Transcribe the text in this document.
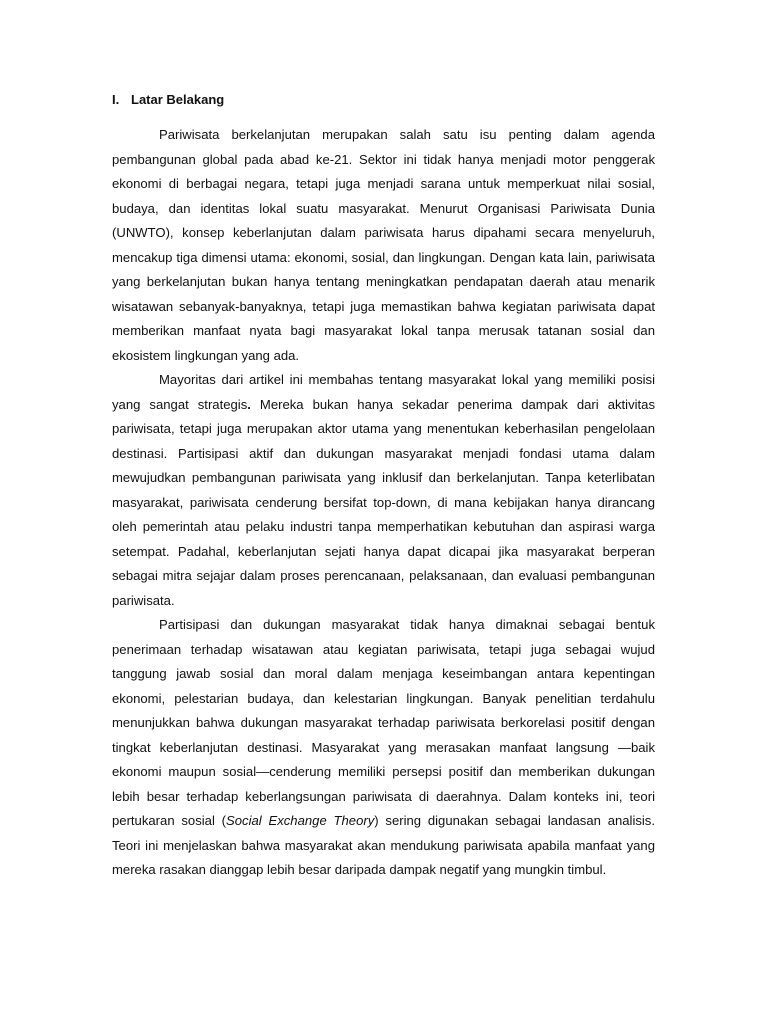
I. Latar Belakang

Pariwisata berkelanjutan merupakan salah satu isu penting dalam agenda pembangunan global pada abad ke-21. Sektor ini tidak hanya menjadi motor penggerak ekonomi di berbagai negara, tetapi juga menjadi sarana untuk memperkuat nilai sosial, budaya, dan identitas lokal suatu masyarakat. Menurut Organisasi Pariwisata Dunia (UNWTO), konsep keberlanjutan dalam pariwisata harus dipahami secara menyeluruh, mencakup tiga dimensi utama: ekonomi, sosial, dan lingkungan. Dengan kata lain, pariwisata yang berkelanjutan bukan hanya tentang meningkatkan pendapatan daerah atau menarik wisatawan sebanyak-banyaknya, tetapi juga memastikan bahwa kegiatan pariwisata dapat memberikan manfaat nyata bagi masyarakat lokal tanpa merusak tatanan sosial dan ekosistem lingkungan yang ada.

Mayoritas dari artikel ini membahas tentang masyarakat lokal yang memiliki posisi yang sangat strategis. Mereka bukan hanya sekadar penerima dampak dari aktivitas pariwisata, tetapi juga merupakan aktor utama yang menentukan keberhasilan pengelolaan destinasi. Partisipasi aktif dan dukungan masyarakat menjadi fondasi utama dalam mewujudkan pembangunan pariwisata yang inklusif dan berkelanjutan. Tanpa keterlibatan masyarakat, pariwisata cenderung bersifat top-down, di mana kebijakan hanya dirancang oleh pemerintah atau pelaku industri tanpa memperhatikan kebutuhan dan aspirasi warga setempat. Padahal, keberlanjutan sejati hanya dapat dicapai jika masyarakat berperan sebagai mitra sejajar dalam proses perencanaan, pelaksanaan, dan evaluasi pembangunan pariwisata.

Partisipasi dan dukungan masyarakat tidak hanya dimaknai sebagai bentuk penerimaan terhadap wisatawan atau kegiatan pariwisata, tetapi juga sebagai wujud tanggung jawab sosial dan moral dalam menjaga keseimbangan antara kepentingan ekonomi, pelestarian budaya, dan kelestarian lingkungan. Banyak penelitian terdahulu menunjukkan bahwa dukungan masyarakat terhadap pariwisata berkorelasi positif dengan tingkat keberlanjutan destinasi. Masyarakat yang merasakan manfaat langsung —baik ekonomi maupun sosial—cenderung memiliki persepsi positif dan memberikan dukungan lebih besar terhadap keberlangsungan pariwisata di daerahnya. Dalam konteks ini, teori pertukaran sosial (Social Exchange Theory) sering digunakan sebagai landasan analisis. Teori ini menjelaskan bahwa masyarakat akan mendukung pariwisata apabila manfaat yang mereka rasakan dianggap lebih besar daripada dampak negatif yang mungkin timbul.
